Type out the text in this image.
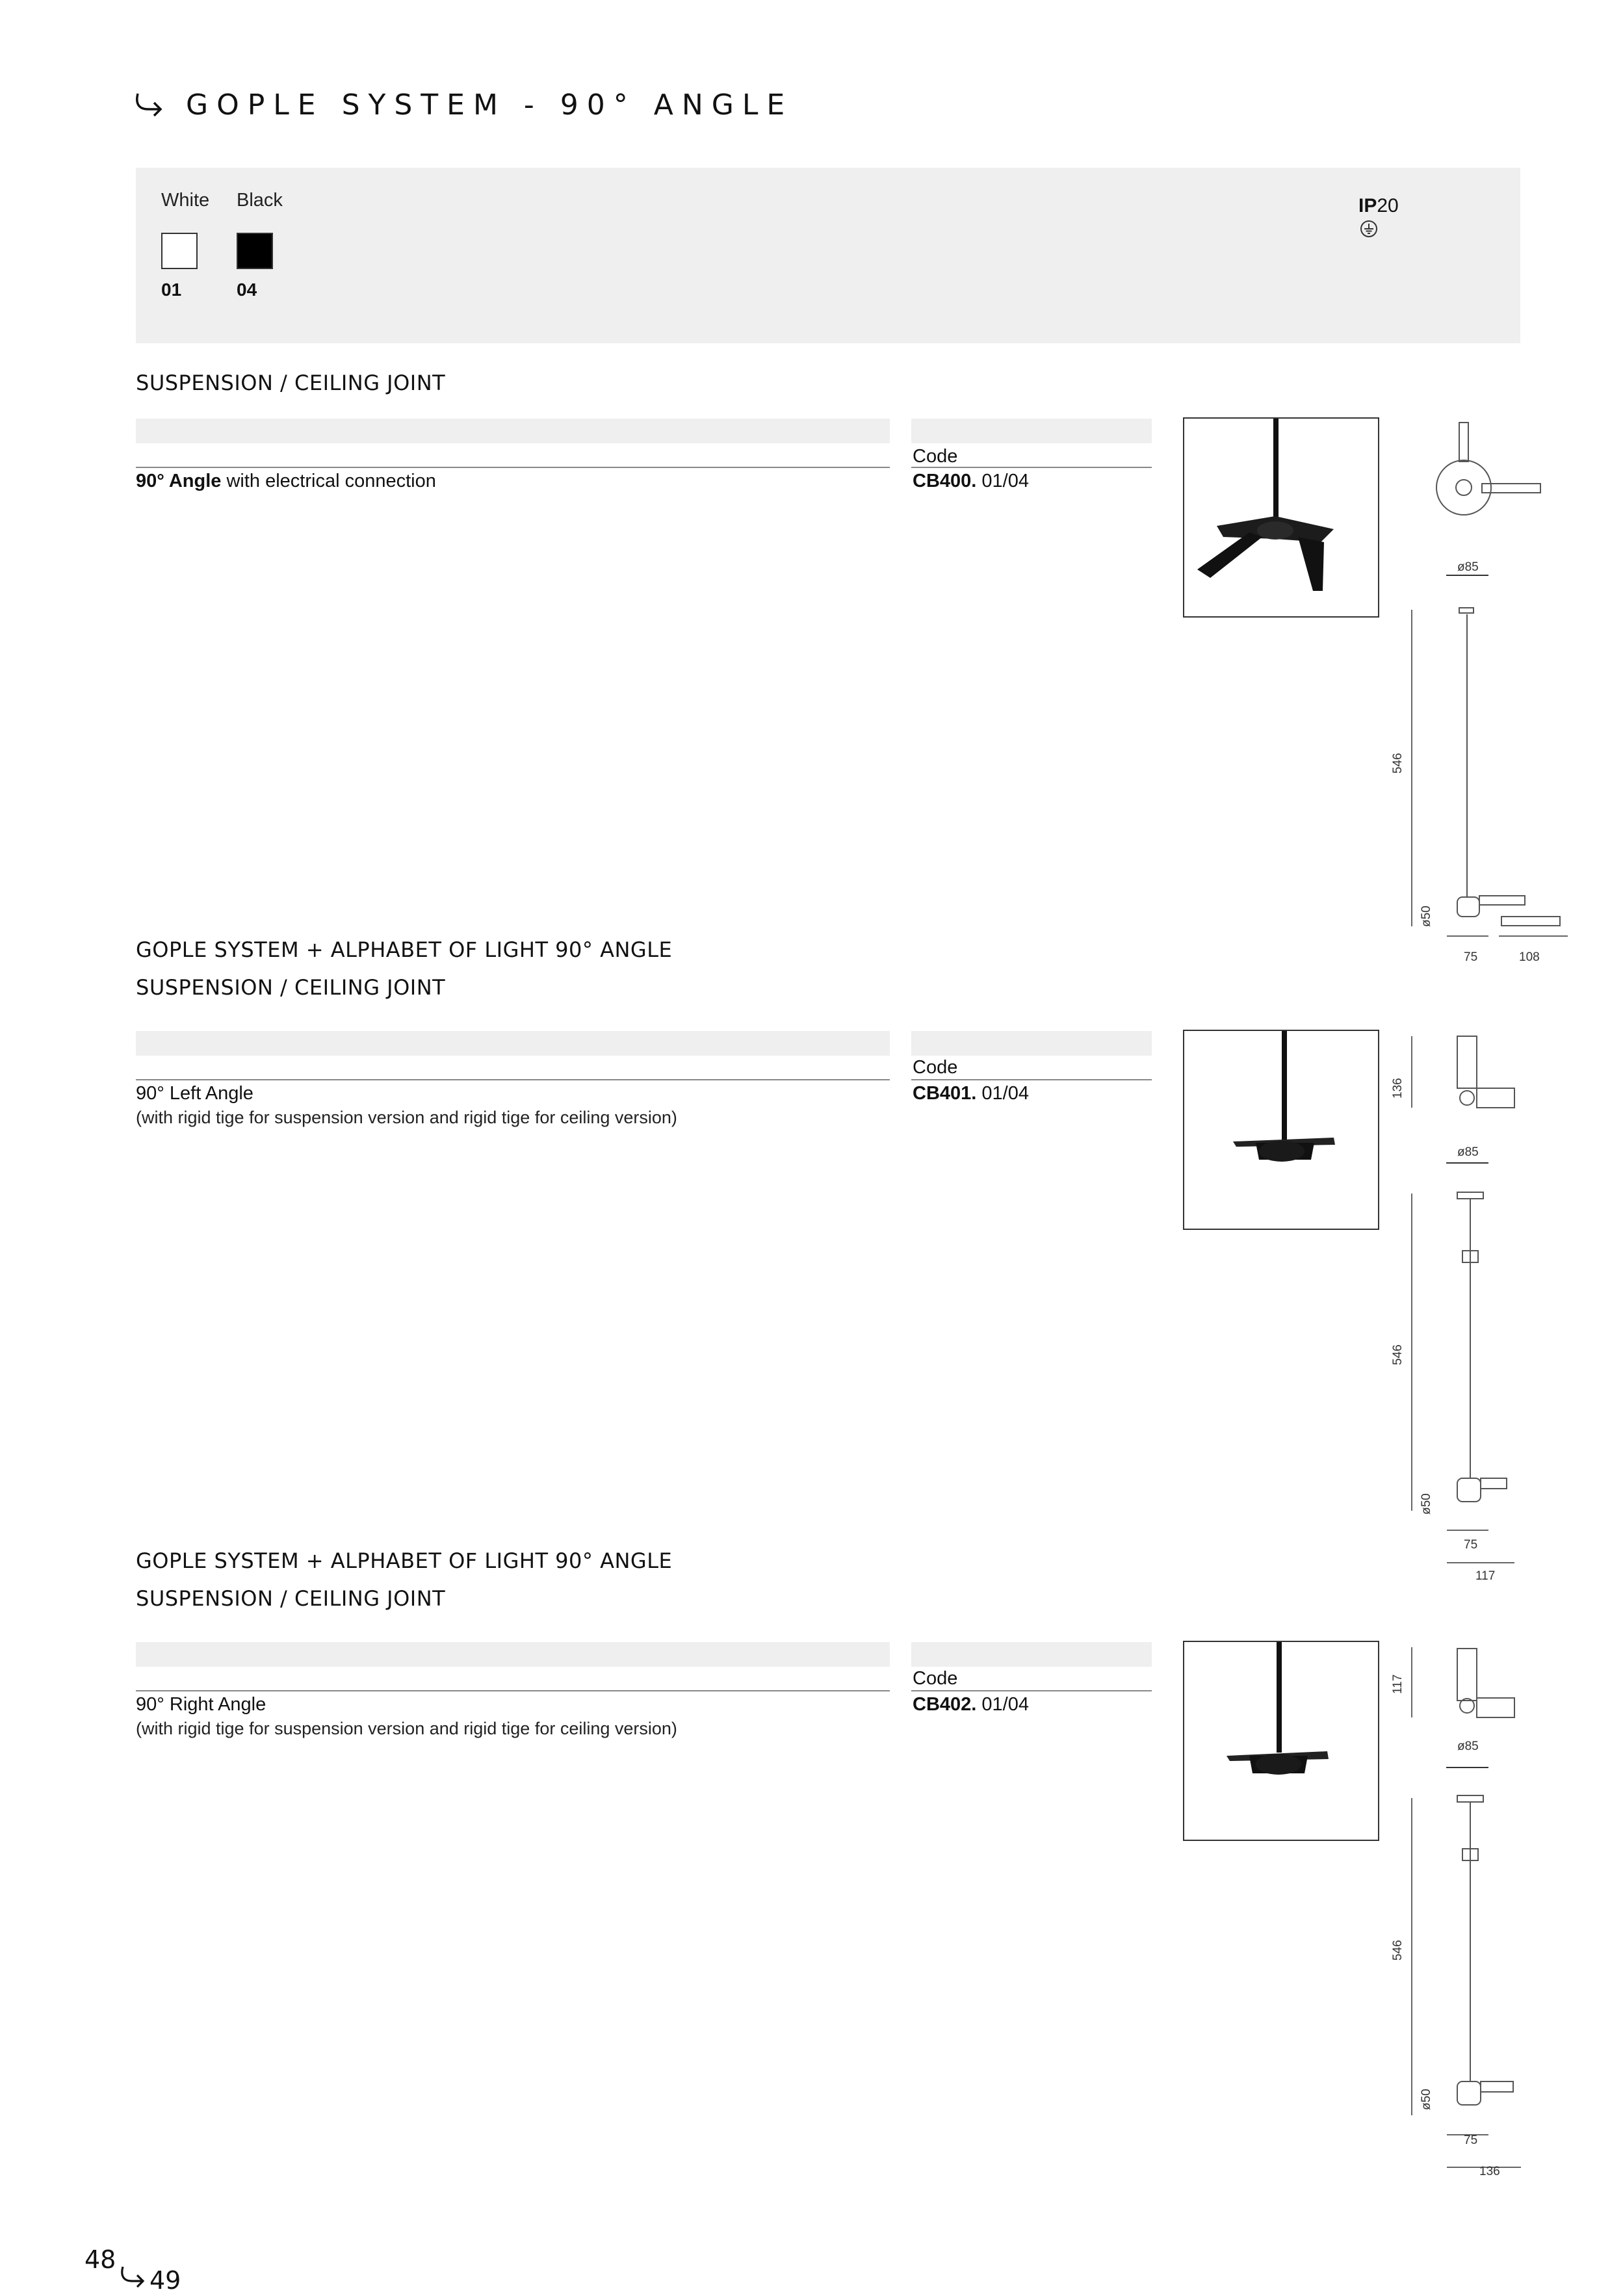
GOPLE SYSTEM - 90° ANGLE
White Black
01	04
IP20
SUSPENSION / CEILING JOINT
90° Angle with electrical connection
Code
CB400. 01/04
ø85
546
ø50
75	108
GOPLE SYSTEM + ALPHABET OF LIGHT 90° ANGLE
SUSPENSION / CEILING JOINT
90° Left Angle
(with rigid tige for suspension version and rigid tige for ceiling version)
Code
CB401. 01/04	136
ø85
546
ø50
75
117
GOPLE SYSTEM + ALPHABET OF LIGHT 90° ANGLE
SUSPENSION / CEILING JOINT
90° Right Angle
(with rigid tige for suspension version and rigid tige for ceiling version)
Code
CB402. 01/04
117
ø85
546
ø50
75
136
48
49
